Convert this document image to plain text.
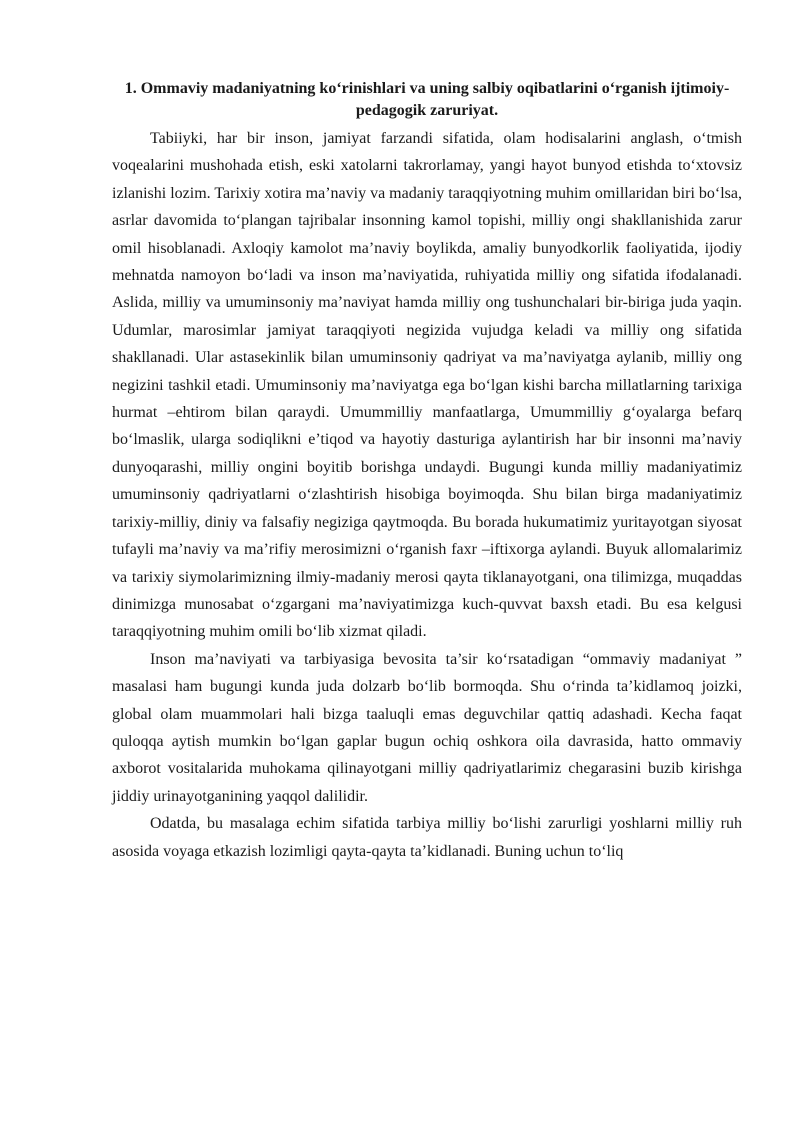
1. Ommaviy madaniyatning ko‘rinishlari va uning salbiy oqibatlarini o‘rganish ijtimoiy-pedagogik zaruriyat.

Tabiiyki, har bir inson, jamiyat farzandi sifatida, olam hodisalarini anglash, o‘tmish voqealarini mushohada etish, eski xatolarni takrorlamay, yangi hayot bunyod etishda to‘xtovsiz izlanishi lozim. Tarixiy xotira ma’naviy va madaniy taraqqiyotning muhim omillaridan biri bo‘lsa, asrlar davomida to‘plangan tajribalar insonning kamol topishi, milliy ongi shakllanishida zarur omil hisoblanadi. Axloqiy kamolot ma’naviy boylikda, amaliy bunyodkorlik faoliyatida, ijodiy mehnatda namoyon bo‘ladi va inson ma’naviyatida, ruhiyatida milliy ong sifatida ifodalanadi. Aslida, milliy va umuminsoniy ma’naviyat hamda milliy ong tushunchalari bir-biriga juda yaqin. Udumlar, marosimlar jamiyat taraqqiyoti negizida vujudga keladi va milliy ong sifatida shakllanadi. Ular astasekinlik bilan umuminsoniy qadriyat va ma’naviyatga aylanib, milliy ong negizini tashkil etadi. Umuminsoniy ma’naviyatga ega bo‘lgan kishi barcha millatlarning tarixiga hurmat –ehtirom bilan qaraydi. Umummilliy manfaatlarga, Umummilliy g‘oyalarga befarq bo‘lmaslik, ularga sodiqlikni e’tiqod va hayotiy dasturiga aylantirish har bir insonni ma’naviy dunyoqarashi, milliy ongini boyitib borishga undaydi. Bugungi kunda milliy madaniyatimiz umuminsoniy qadriyatlarni o‘zlashtirish hisobiga boyimoqda. Shu bilan birga madaniyatimiz tarixiy-milliy, diniy va falsafiy negiziga qaytmoqda. Bu borada hukumatimiz yuritayotgan siyosat tufayli ma’naviy va ma’rifiy merosimizni o‘rganish faxr –iftixorga aylandi. Buyuk allomalarimiz va tarixiy siymolarimizning ilmiy-madaniy merosi qayta tiklanayotgani, ona tilimizga, muqaddas dinimizga munosabat o‘zgargani ma’naviyatimizga kuch-quvvat baxsh etadi. Bu esa kelgusi taraqqiyotning muhim omili bo‘lib xizmat qiladi.

Inson ma’naviyati va tarbiyasiga bevosita ta’sir ko‘rsatadigan “ommaviy madaniyat ” masalasi ham bugungi kunda juda dolzarb bo‘lib bormoqda. Shu o‘rinda ta’kidlamoq joizki, global olam muammolari hali bizga taaluqli emas deguvchilar qattiq adashadi. Kecha faqat quloqqa aytish mumkin bo‘lgan gaplar bugun ochiq oshkora oila davrasida, hatto ommaviy axborot vositalarida muhokama qilinayotgani milliy qadriyatlarimiz chegarasini buzib kirishga jiddiy urinayotganining yaqqol dalilidir.

Odatda, bu masalaga echim sifatida tarbiya milliy bo‘lishi zarurligi yoshlarni milliy ruh asosida voyaga etkazish lozimligi qayta-qayta ta’kidlanadi. Buning uchun to‘liq
